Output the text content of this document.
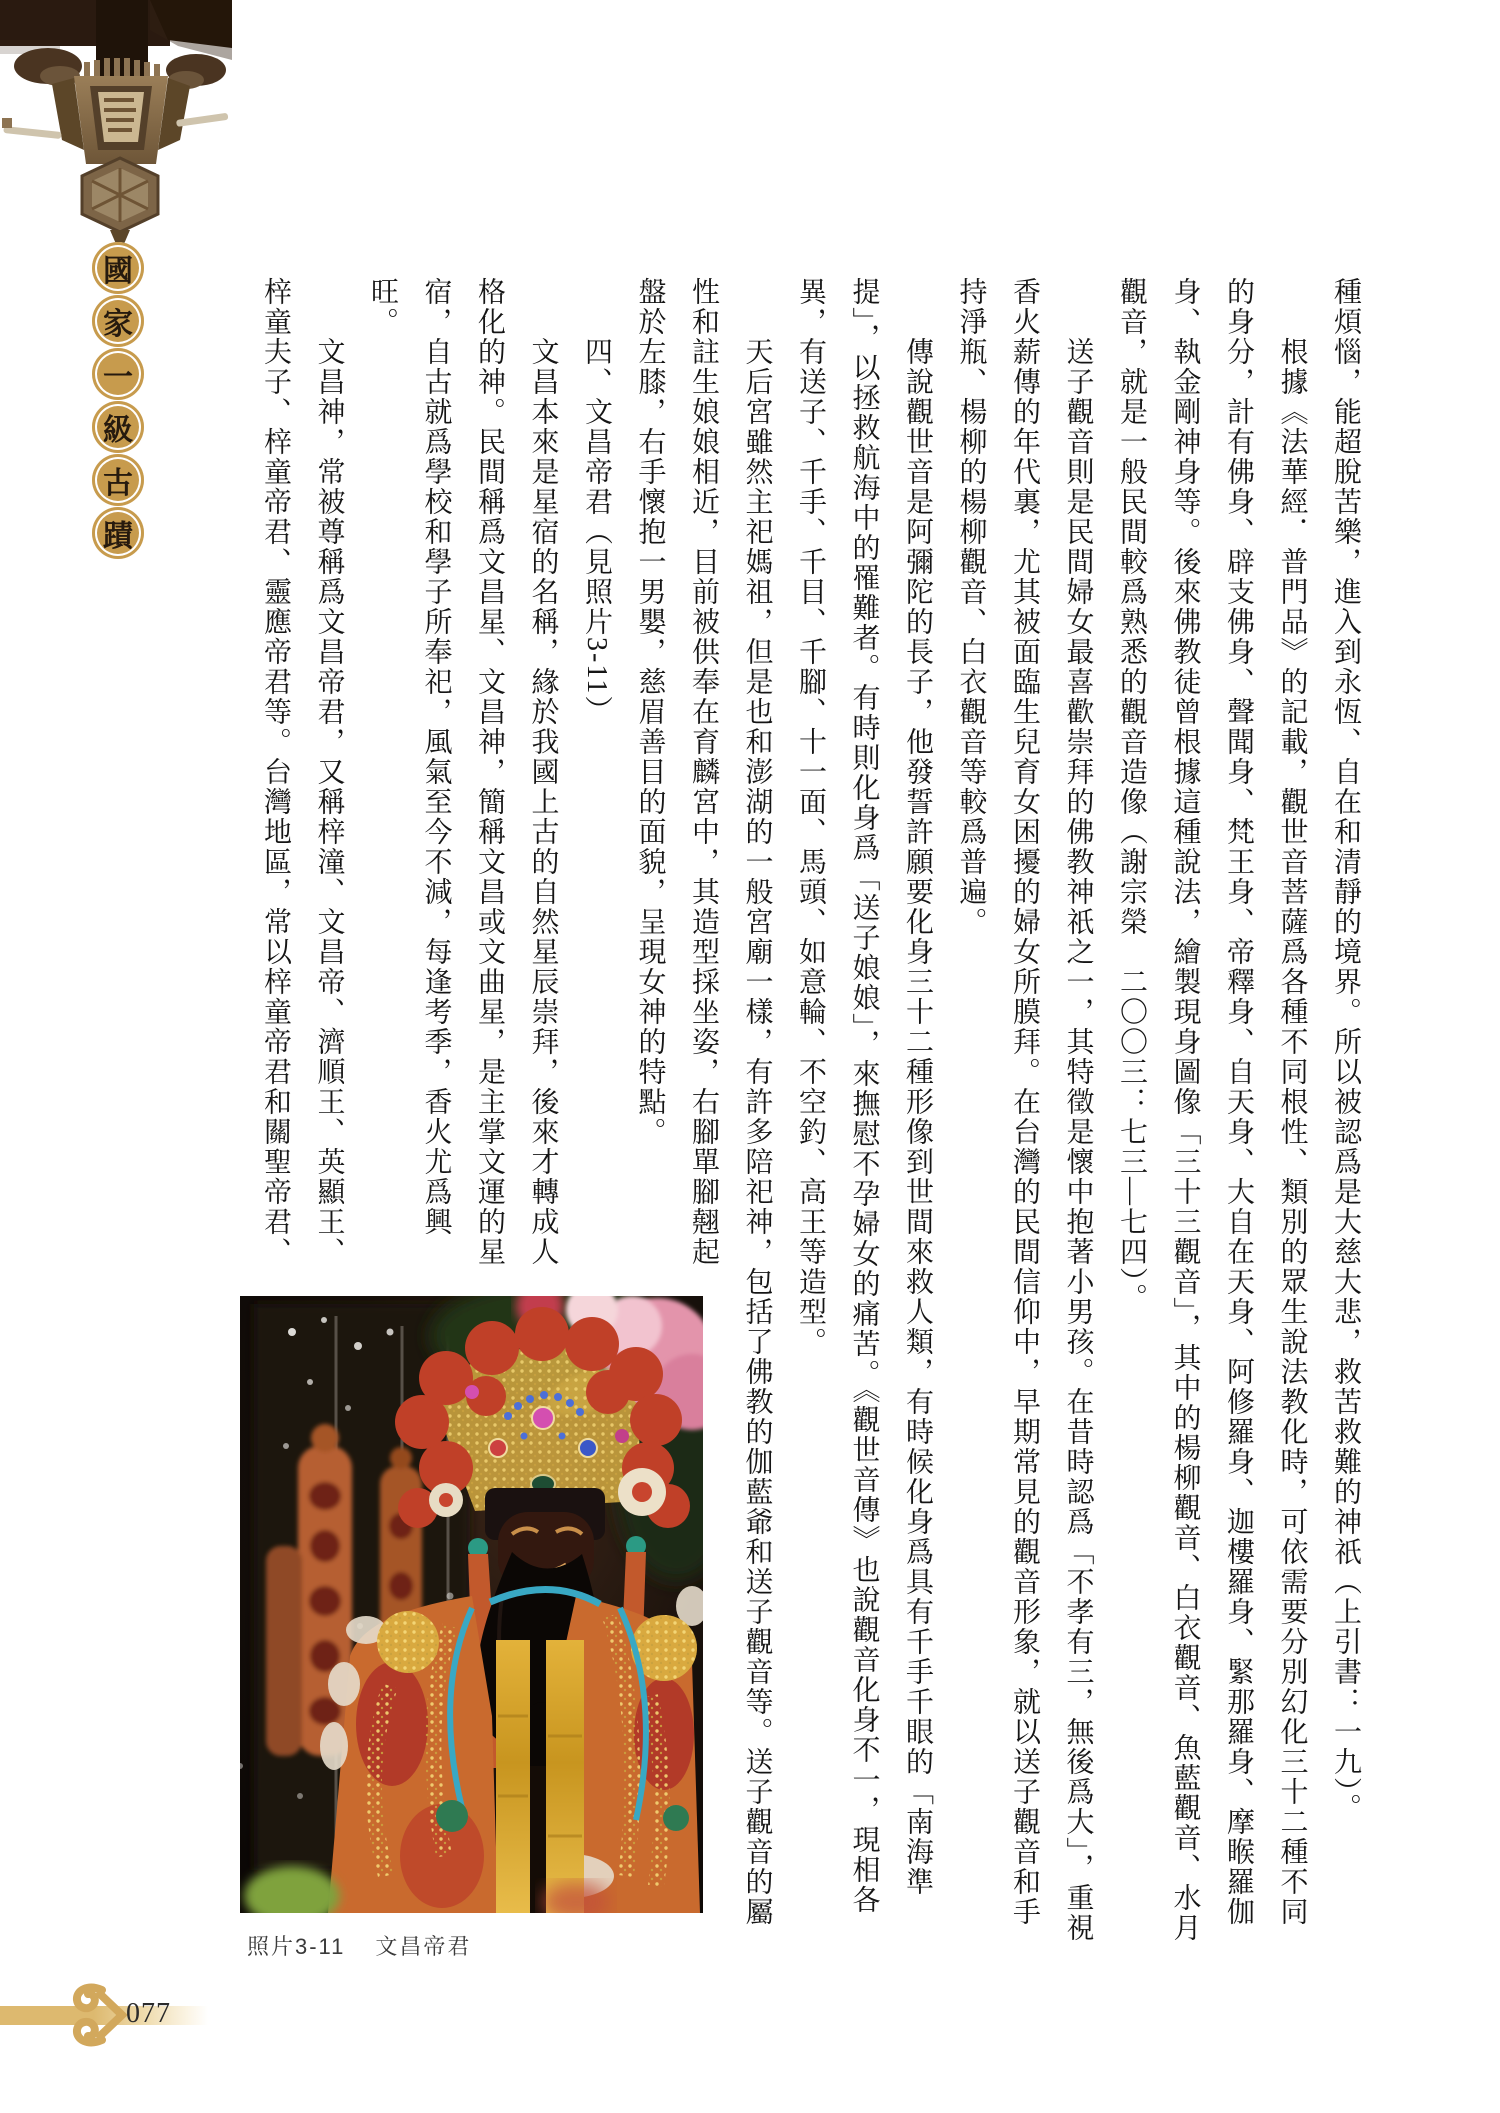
國
家
一
級
古
蹟	種煩惱，能超脫苦樂，進入到永恆、自在和清靜的境界。所以被認爲是大慈大悲，救苦救難的神祇（上引書：一九）。
　　根據《法華經．普門品》的記載，觀世音菩薩爲各種不同根性、類別的眾生說法教化時，可依需要分別幻化三十二種不同
的身分，計有佛身、辟支佛身、聲聞身、梵王身、帝釋身、自天身、大自在天身、阿修羅身、迦樓羅身、緊那羅身、摩睺羅伽
身、執金剛神身等。後來佛教徒曾根據這種說法，繪製現身圖像「三十三觀音」，其中的楊柳觀音、白衣觀音、魚藍觀音、水月
觀音，就是一般民間較爲熟悉的觀音造像（謝宗榮　二〇〇三：七三—七四）。
　　送子觀音則是民間婦女最喜歡崇拜的佛教神祇之一，其特徵是懷中抱著小男孩。在昔時認爲「不孝有三，無後爲大」，重視
香火薪傳的年代裏，尤其被面臨生兒育女困擾的婦女所膜拜。在台灣的民間信仰中，早期常見的觀音形象，就以送子觀音和手
持淨瓶、楊柳的楊柳觀音、白衣觀音等較爲普遍。
　　傳說觀世音是阿彌陀的長子，他發誓許願要化身三十二種形像到世間來救人類，有時候化身爲具有千手千眼的「南海準
提」，以拯救航海中的罹難者。有時則化身爲「送子娘娘」，來撫慰不孕婦女的痛苦。《觀世音傳》也說觀音化身不一，現相各
異，有送子、千手、千目、千腳、十一面、馬頭、如意輪、不空釣、高王等造型。
　　天后宮雖然主祀媽祖，但是也和澎湖的一般宮廟一樣，有許多陪祀神，包括了佛教的伽藍爺和送子觀音等。送子觀音的屬
性和註生娘娘相近，目前被供奉在育麟宮中，其造型採坐姿，右腳單腳翹起
盤於左膝，右手懷抱一男嬰，慈眉善目的面貌，呈現女神的特點。
　　四、文昌帝君（見照片3-11）
　　文昌本來是星宿的名稱，緣於我國上古的自然星辰崇拜，後來才轉成人
格化的神。民間稱爲文昌星、文昌神，簡稱文昌或文曲星，是主掌文運的星
宿，自古就爲學校和學子所奉祀，風氣至今不減，每逢考季，香火尤爲興
旺。
　　文昌神，常被尊稱爲文昌帝君，又稱梓潼、文昌帝、濟順王、英顯王、
梓童夫子、梓童帝君、靈應帝君等。台灣地區，常以梓童帝君和關聖帝君、
照片3-11 文昌帝君
077
